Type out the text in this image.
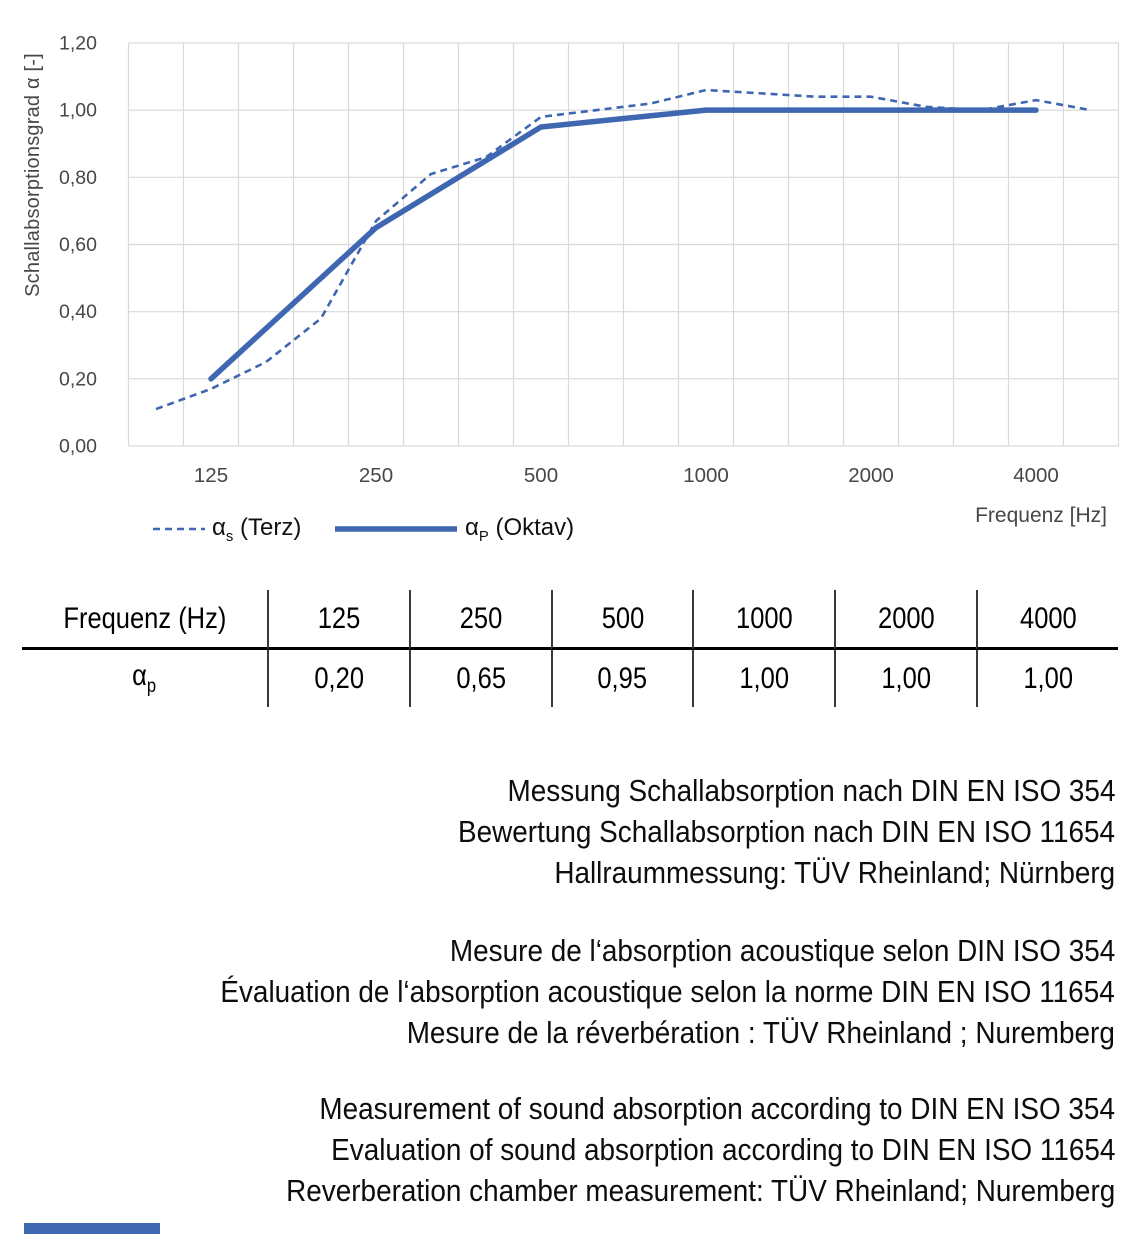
0,00
0,20
0,40
0,60
0,80
1,00
1,20
125	250	500	1000	2000	4000
Schallabsorptionsgrad α [-]
Frequenz [Hz]
$\alpha_s$ (Terz)	$\alpha_P$ (Oktav)
Frequenz (Hz)	125	250	500	1000	2000	4000
$\alpha_p$	0,20	0,65	0,95	1,00	1,00	1,00
Messung Schallabsorption nach DIN EN ISO 354
Bewertung Schallabsorption nach DIN EN ISO 11654
Hallraummessung: TÜV Rheinland; Nürnberg
Mesure de l‘absorption acoustique selon DIN ISO 354
Évaluation de l‘absorption acoustique selon la norme DIN EN ISO 11654
Mesure de la réverbération : TÜV Rheinland ; Nuremberg
Measurement of sound absorption according to DIN EN ISO 354
Evaluation of sound absorption according to DIN EN ISO 11654
Reverberation chamber measurement: TÜV Rheinland; Nuremberg
